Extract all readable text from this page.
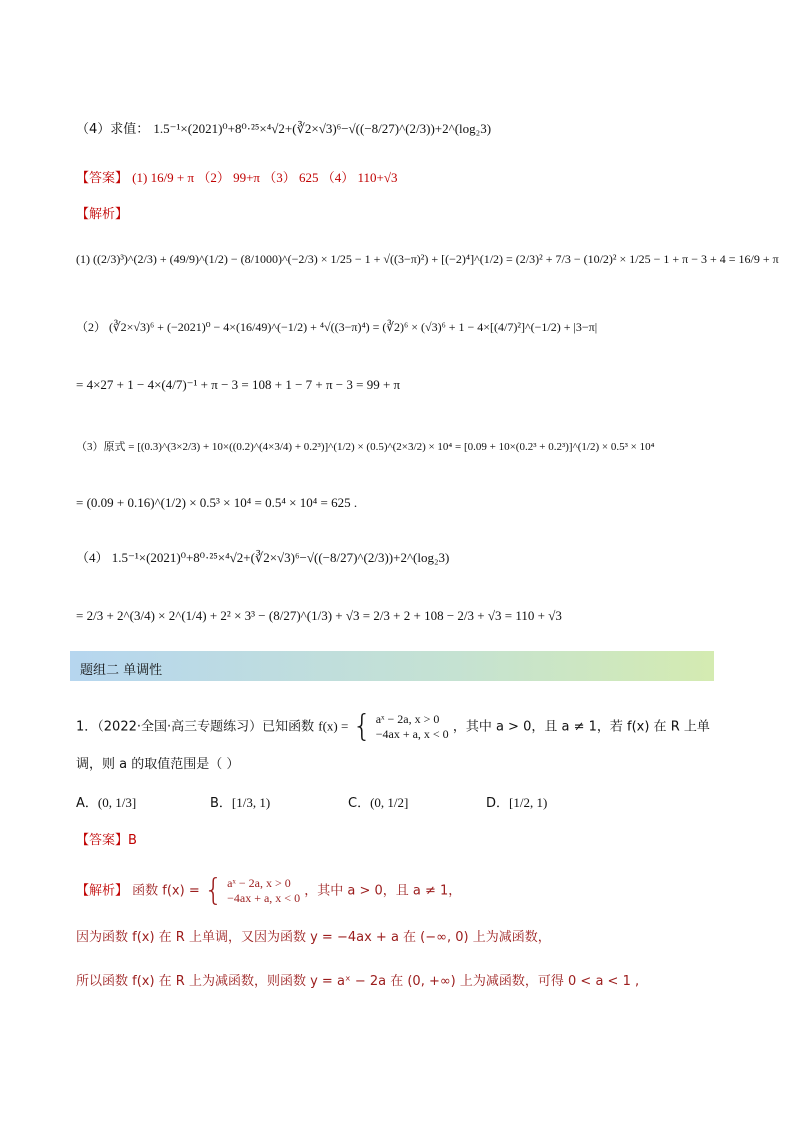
（4）求值： 1.5⁻¹×(2021)⁰+8⁰·²⁵×⁴√2+(∛2×√3)⁶−√((−8/27)^(2/3))+2^(log₂3)
【答案】 (1) 16/9 + π （2） 99+π （3） 625 （4） 110+√3
【解析】
(1) ((2/3)³)^(2/3) + (49/9)^(1/2) − (8/1000)^(−2/3) × 1/25 − 1 + √((3−π)²) + [(−2)⁴]^(1/2) = (2/3)² + 7/3 − (10/2)² × 1/25 − 1 + π − 3 + 4 = 16/9 + π
（2） (∛2×√3)⁶ + (−2021)⁰ − 4×(16/49)^(−1/2) + ⁴√((3−π)⁴) = (∛2)⁶ × (√3)⁶ + 1 − 4×[(4/7)²]^(−1/2) + |3−π|
= 4×27 + 1 − 4×(4/7)⁻¹ + π − 3 = 108 + 1 − 7 + π − 3 = 99 + π
（3）原式 = [(0.3)^(3×2/3) + 10×((0.2)^(4×3/4) + 0.2³)]^(1/2) × (0.5)^(2×3/2) × 10⁴ = [0.09 + 10×(0.2³ + 0.2³)]^(1/2) × 0.5³ × 10⁴
= (0.09 + 0.16)^(1/2) × 0.5³ × 10⁴ = 0.5⁴ × 10⁴ = 625 .
（4） 1.5⁻¹×(2021)⁰+8⁰·²⁵×⁴√2+(∛2×√3)⁶−√((−8/27)^(2/3))+2^(log₂3)
= 2/3 + 2^(3/4) × 2^(1/4) + 2² × 3³ − (8/27)^(1/3) + √3 = 2/3 + 2 + 108 − 2/3 + √3 = 110 + √3
题组二 单调性
1．（2022·全国·高三专题练习）已知函数 f(x) = { aˣ − 2a, x > 0
−4ax + a, x < 0 ，其中 a > 0，且 a ≠ 1，若 f(x) 在 R 上单
调，则 a 的取值范围是（ ）
A．(0, 1/3]	B．[1/3, 1)	C．(0, 1/2]	D．[1/2, 1)
【答案】B
【解析】 函数 f(x) = { aˣ − 2a, x > 0
−4ax + a, x < 0 ，其中 a > 0，且 a ≠ 1，
因为函数 f(x) 在 R 上单调，又因为函数 y = −4ax + a 在 (−∞, 0) 上为减函数，
所以函数 f(x) 在 R 上为减函数，则函数 y = aˣ − 2a 在 (0, +∞) 上为减函数，可得 0 < a < 1 ,
